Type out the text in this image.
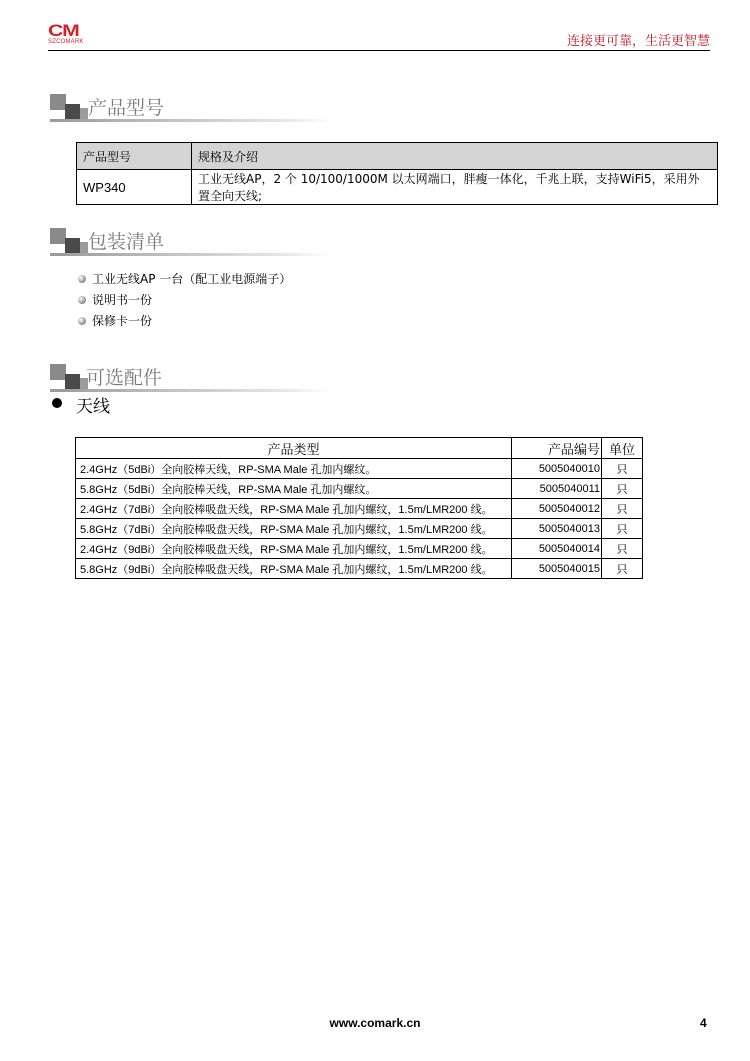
CM
SZCOMARK	连接更可靠，生活更智慧
产品型号
产品型号	规格及介绍
WP340	工业无线AP，2 个 10/100/1000M 以太网端口，胖瘦一体化，千兆上联，支持WiFi5，采用外置全向天线;
包装清单
工业无线AP 一台（配工业电源端子）
说明书一份
保修卡一份
可选配件
天线
产品类型	产品编号	单位
2.4GHz（5dBi）全向胶棒天线，RP-SMA Male 孔加内螺纹。	5005040010	只
5.8GHz（5dBi）全向胶棒天线，RP-SMA Male 孔加内螺纹。	5005040011	只
2.4GHz（7dBi）全向胶棒吸盘天线，RP-SMA Male 孔加内螺纹，1.5m/LMR200 线。	5005040012	只
5.8GHz（7dBi）全向胶棒吸盘天线，RP-SMA Male 孔加内螺纹，1.5m/LMR200 线。	5005040013	只
2.4GHz（9dBi）全向胶棒吸盘天线，RP-SMA Male 孔加内螺纹，1.5m/LMR200 线。	5005040014	只
5.8GHz（9dBi）全向胶棒吸盘天线，RP-SMA Male 孔加内螺纹，1.5m/LMR200 线。	5005040015	只
www.comark.cn	4
